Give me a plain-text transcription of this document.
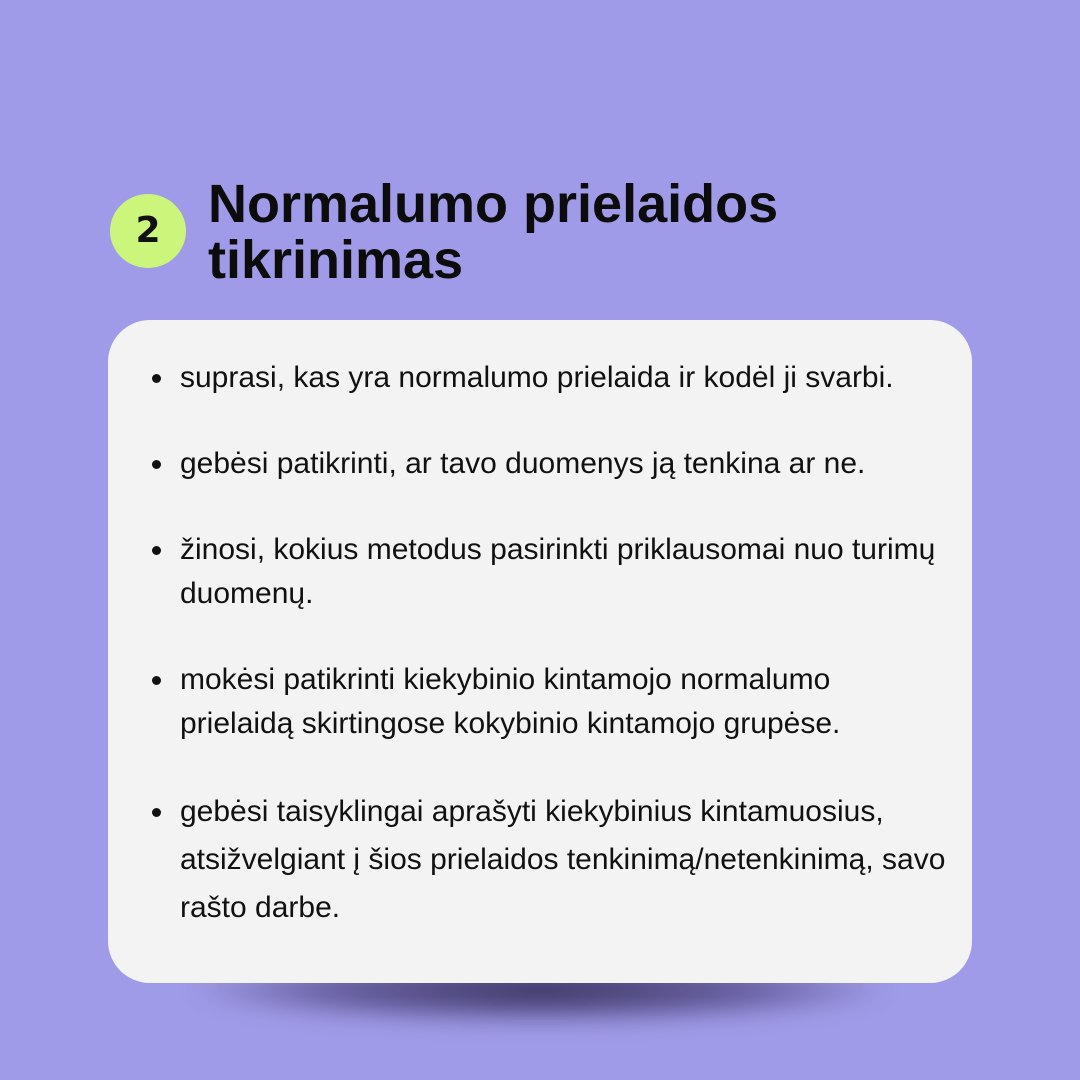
2 Normalumo prielaidos tikrinimas
suprasi, kas yra normalumo prielaida ir kodėl ji svarbi.
gebėsi patikrinti, ar tavo duomenys ją tenkina ar ne.
žinosi, kokius metodus pasirinkti priklausomai nuo turimų duomenų.
mokėsi patikrinti kiekybinio kintamojo normalumo prielaidą skirtingose kokybinio kintamojo grupėse.
gebėsi taisyklingai aprašyti kiekybinius kintamuosius, atsižvelgiant į šios prielaidos tenkinimą/netenkinimą, savo rašto darbe.
